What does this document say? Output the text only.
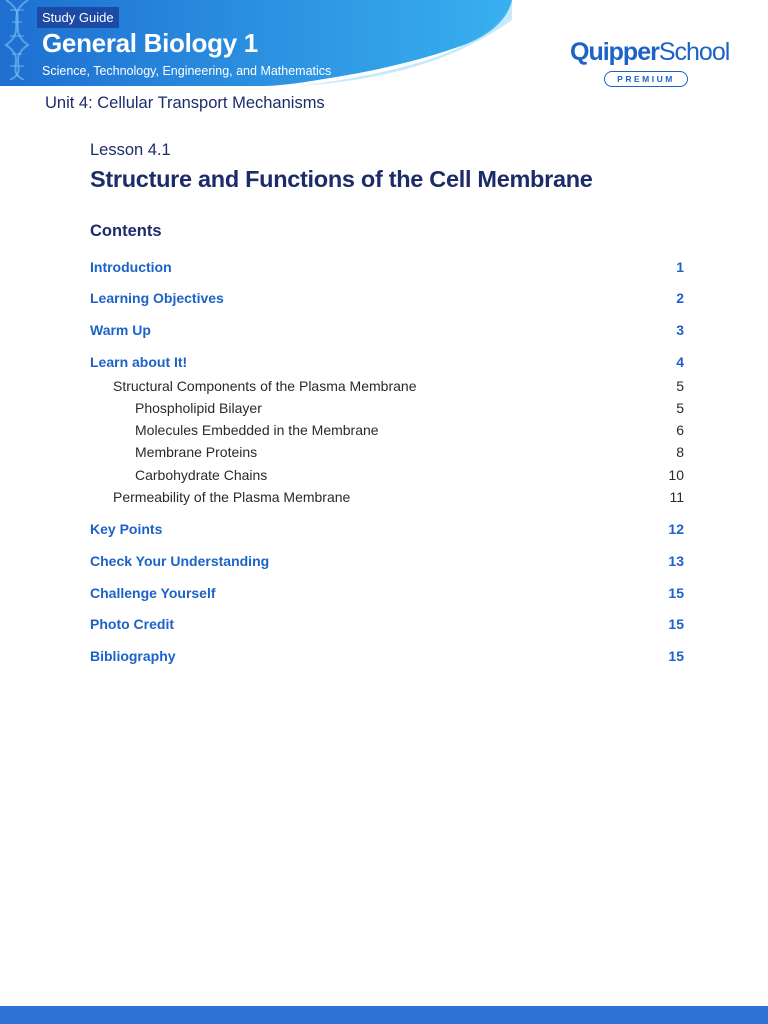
Study Guide
General Biology 1
Science, Technology, Engineering, and Mathematics
QuipperSchool
PREMIUM
Unit 4: Cellular Transport Mechanisms
Lesson 4.1
Structure and Functions of the Cell Membrane
Contents
Introduction	1
Learning Objectives	2
Warm Up	3
Learn about It!	4
Structural Components of the Plasma Membrane	5
Phospholipid Bilayer	5
Molecules Embedded in the Membrane	6
Membrane Proteins	8
Carbohydrate Chains	10
Permeability of the Plasma Membrane	11
Key Points	12
Check Your Understanding	13
Challenge Yourself	15
Photo Credit	15
Bibliography	15
